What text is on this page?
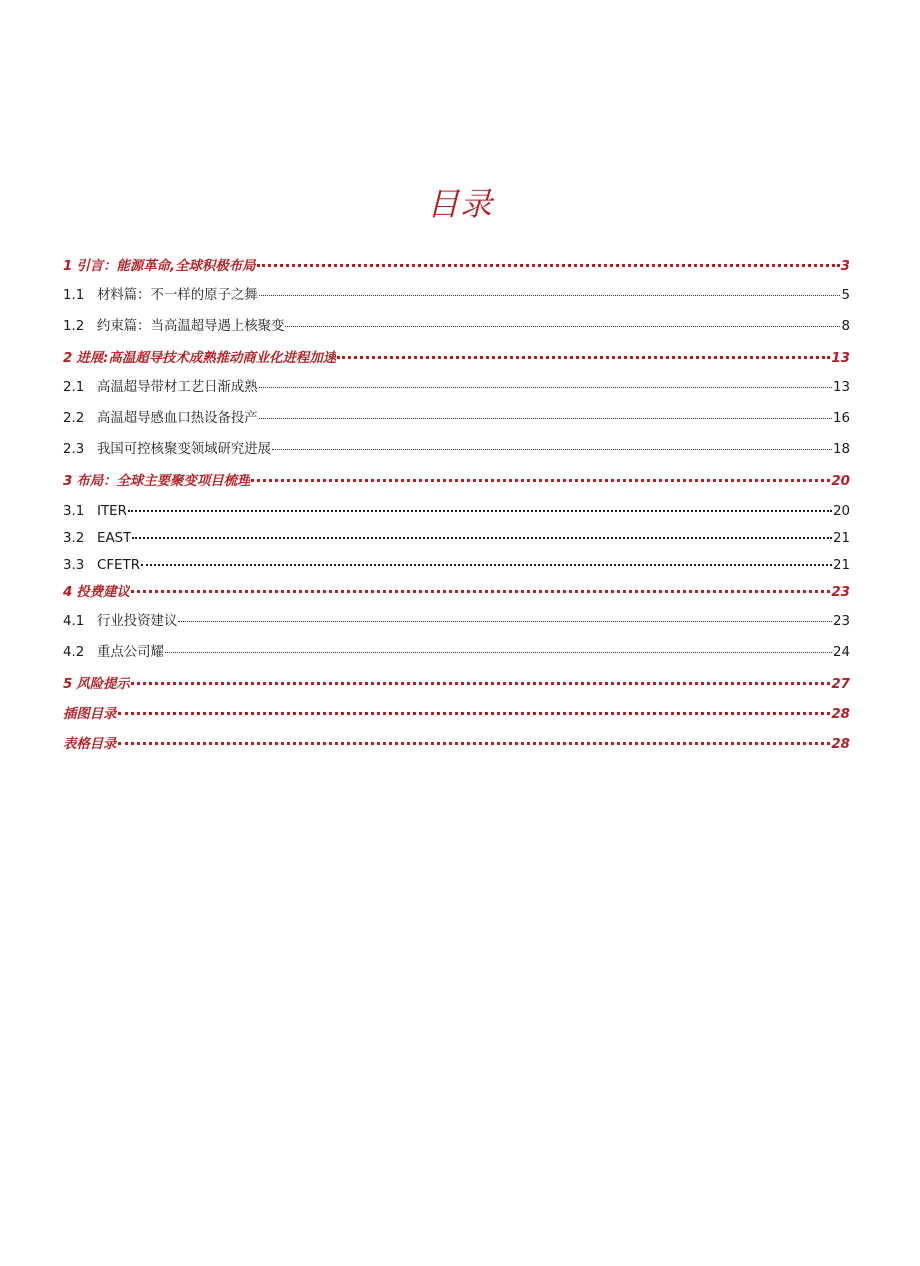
目录
1 引言：能源革命,全球积极布局	3
1.1 材料篇：不一样的原子之舞	5
1.2 约束篇：当高温超导遇上核聚变	8
2 进展:高温超导技术成熟推动商业化进程加速	13
2.1 高温超导带材工艺日渐成熟	13
2.2 高温超导感血口热设备投产	16
2.3 我国可控核聚变领域研究进展	18
3 布局：全球主要聚变项目梳理	20
3.1 ITER	20
3.2 EAST	21
3.3 CFETR	21
4 投费建议	23
4.1 行业投资建议	23
4.2 重点公司耀	24
5 风险提示	27
插图目录	28
表格目录	28
